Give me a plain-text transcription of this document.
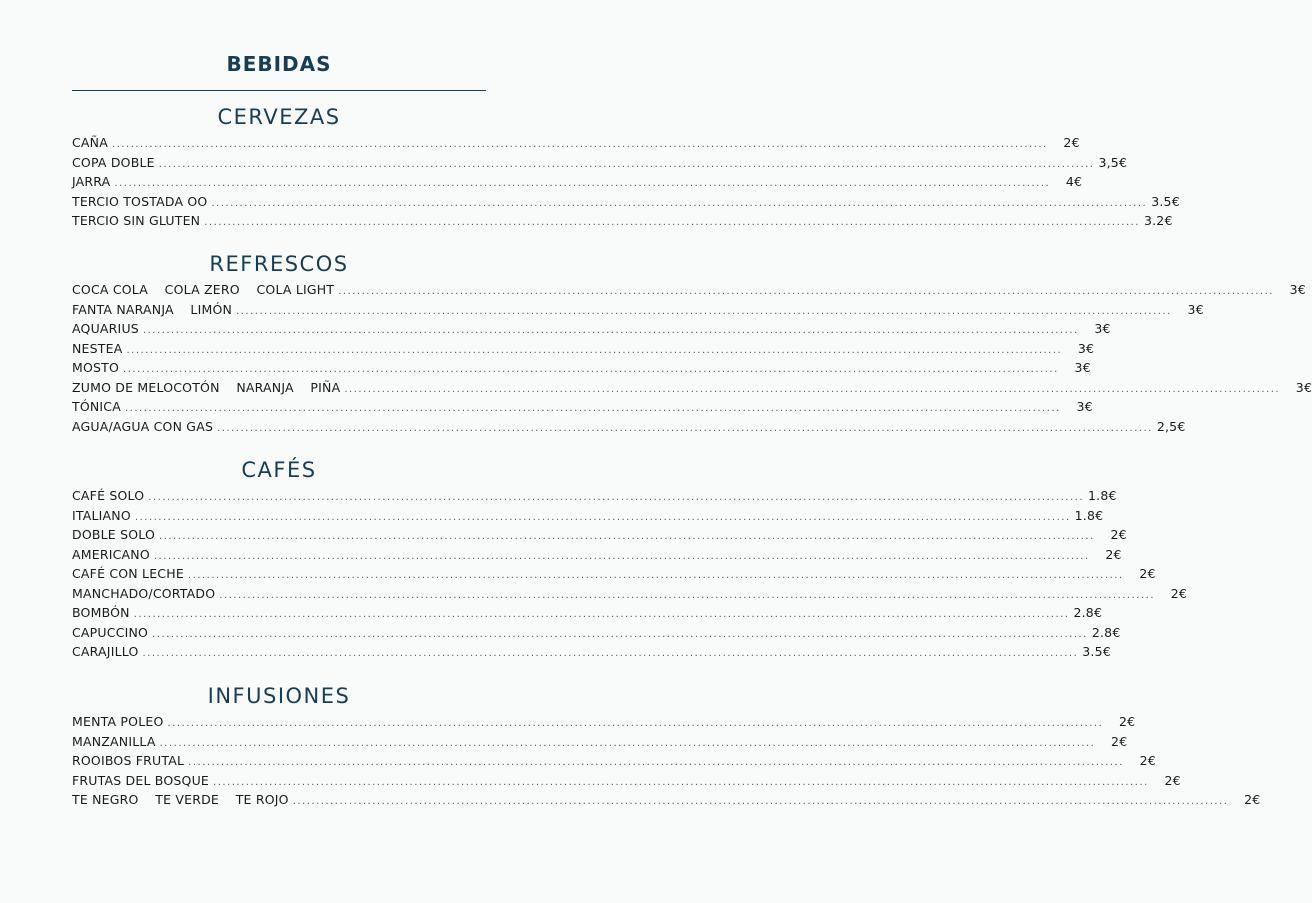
BEBIDAS
CERVEZAS
CAÑA ........................................................................................................................................................................................................	2€
COPA DOBLE ........................................................................................................................................................................................................ 3,5€
JARRA ........................................................................................................................................................................................................	4€
TERCIO TOSTADA OO ........................................................................................................................................................................................................ 3.5€
TERCIO SIN GLUTEN ........................................................................................................................................................................................................ 3.2€
REFRESCOS
COCA COLA    COLA ZERO    COLA LIGHT ........................................................................................................................................................................................................	3€
FANTA NARANJA    LIMÓN ........................................................................................................................................................................................................	3€
AQUARIUS ........................................................................................................................................................................................................	3€
NESTEA ........................................................................................................................................................................................................	3€
MOSTO ........................................................................................................................................................................................................	3€
ZUMO DE MELOCOTÓN    NARANJA    PIÑA ........................................................................................................................................................................................................	3€
TÓNICA ........................................................................................................................................................................................................	3€
AGUA/AGUA CON GAS ........................................................................................................................................................................................................ 2,5€
CAFÉS
CAFÉ SOLO ........................................................................................................................................................................................................ 1.8€
ITALIANO ........................................................................................................................................................................................................ 1.8€
DOBLE SOLO ........................................................................................................................................................................................................	2€
AMERICANO ........................................................................................................................................................................................................	2€
CAFÉ CON LECHE ........................................................................................................................................................................................................	2€
MANCHADO/CORTADO ........................................................................................................................................................................................................	2€
BOMBÓN ........................................................................................................................................................................................................ 2.8€
CAPUCCINO ........................................................................................................................................................................................................ 2.8€
CARAJILLO ........................................................................................................................................................................................................ 3.5€
INFUSIONES
MENTA POLEO ........................................................................................................................................................................................................	2€
MANZANILLA ........................................................................................................................................................................................................	2€
ROOIBOS FRUTAL ........................................................................................................................................................................................................	2€
FRUTAS DEL BOSQUE ........................................................................................................................................................................................................	2€
TE NEGRO    TE VERDE    TE ROJO ........................................................................................................................................................................................................	2€
